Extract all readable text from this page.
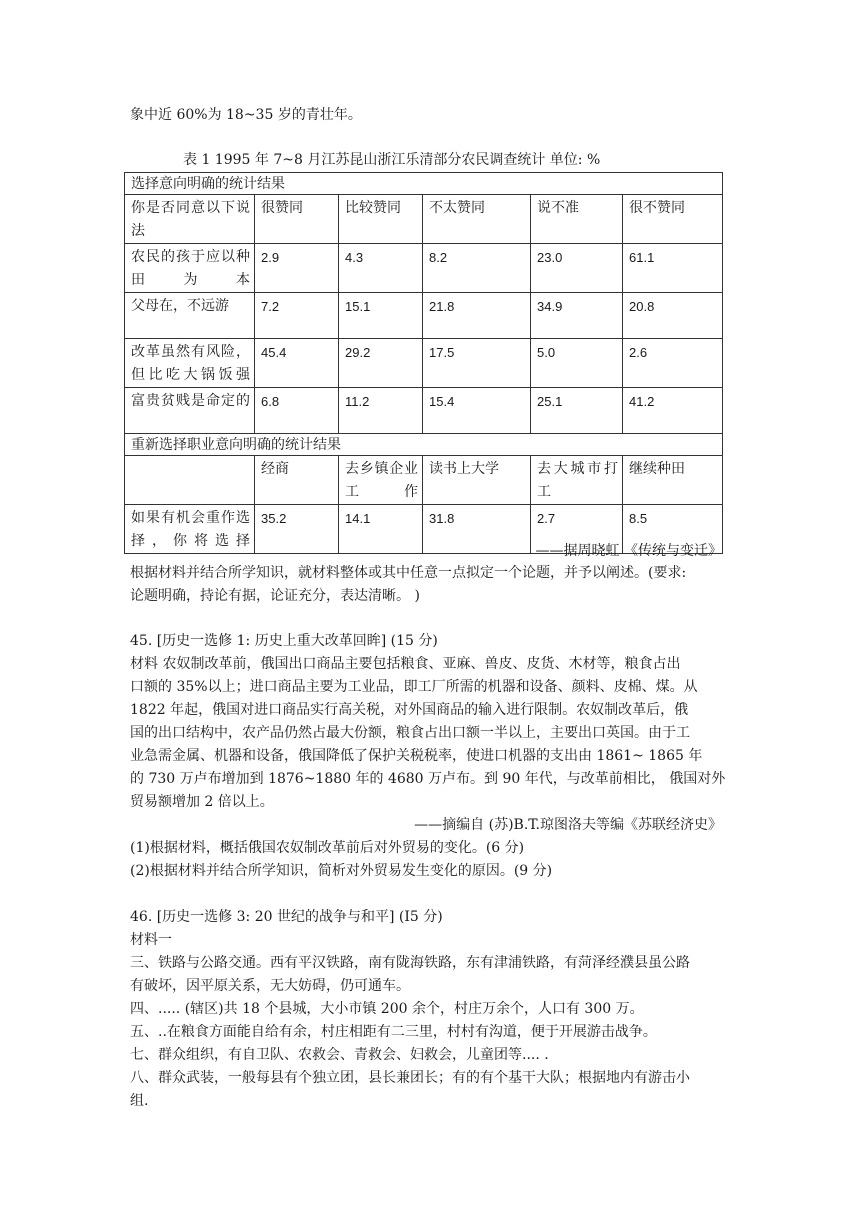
象中近 60%为 18~35 岁的青壮年。
表 1 1995 年 7~8 月江苏昆山浙江乐清部分农民调查统计 单位: %
选择意向明确的统计结果					
你是否同意以下说法	很赞同	比较赞同	不太赞同	说不准	很不赞同
农民的孩于应以种田为本	2.9	4.3	8.2	23.0	61.1
父母在，不远游	7.2	15.1	21.8	34.9	20.8
改革虽然有风险，但比吃大锅饭强	45.4	29.2	17.5	5.0	2.6
富贵贫贱是命定的	6.8	11.2	15.4	25.1	41.2
重新选择职业意向明确的统计结果					
	经商	去乡镇企业工作	读书上大学	去大城市打工	继续种田
如果有机会重作选择，你将选择	35.2	14.1	31.8	2.7	8.5
——据周晓虹 《传统与变迁》
根据材料并结合所学知识，就材料整体或其中任意一点拟定一个论题，并予以阐述。(要求:
论题明确，持论有据，论证充分，表达清晰。 )
45. [历史一选修 1: 历史上重大改革回眸] (15 分)
材料 农奴制改革前，俄国出口商品主要包括粮食、亚麻、兽皮、皮货、木材等，粮食占出
口额的 35%以上；进口商品主要为工业品，即工厂所需的机器和设备、颜料、皮棉、煤。从
1822 年起，俄国对进口商品实行高关税，对外国商品的输入进行限制。农奴制改革后，俄
国的出口结构中，农产品仍然占最大份额，粮食占出口额一半以上，主要出口英国。由于工
业急需金属、机器和设备，俄国降低了保护关税税率，使进口机器的支出由 1861~ 1865 年
的 730 万卢布增加到 1876~1880 年的 4680 万卢布。到 90 年代，与改革前相比， 俄国对外
贸易额增加 2 倍以上。
——摘编自 (苏)B.T.琼图洛夫等编《苏联经济史》
(1)根据材料，概括俄国农奴制改革前后对外贸易的变化。(6 分)
(2)根据材料并结合所学知识，简析对外贸易发生变化的原因。(9 分)
46. [历史一选修 3: 20 世纪的战争与和平] (I5 分)
材料一
三、铁路与公路交通。西有平汉铁路，南有陇海铁路，东有津浦铁路，有菏泽经濮县虽公路
有破坏，因平原关系，无大妨碍，仍可通车。
四、..... (辖区)共 18 个县城，大小市镇 200 余个，村庄万余个，人口有 300 万。
五、..在粮食方面能自给有余，村庄相距有二三里，村村有沟道，便于开展游击战争。
七、群众组织，有自卫队、农救会、青救会、妇救会，儿童团等.... .
八、群众武装，一般每县有个独立团，县长兼团长；有的有个基干大队；根据地内有游击小
组.
